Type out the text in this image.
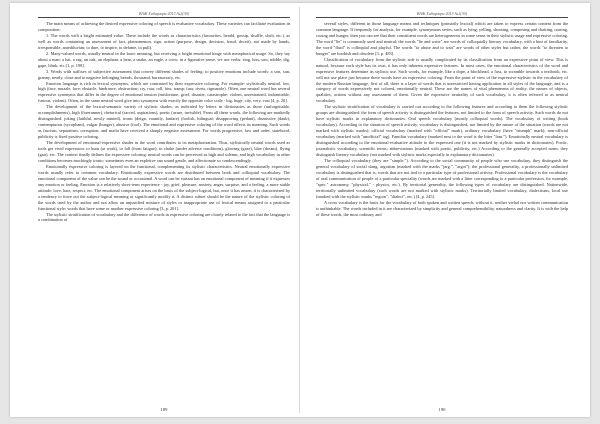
ВАЖ Хабарлари 2013 №2(30)

The main means of achieving the desired expressive coloring of speech is evaluative vocabulary. These varieties can facilitate evaluation in composition:

1. The words with a bright estimated value. These include the words as characteristics (favourites, herald, gossip, shuffle, sloth, etc.), as well as words containing an assessment of fact, phenomenon, sign, action (purpose, design, decision, fraud, deceit), not made by hands, irresponsible, antediluvian; to dare, to inspire, to defame, to pull).

2. Many-valued words, usually neutral in the basic meaning, but receiving a bright emotional hinge with metaphorical usage. So, they say about a man: a hat, a rag, an oak, an elephant, a bear, a snake, an eagle, a crow; in a figurative sense, we use verbs: sing, hiss, saw, nibble, dig, gape, blink, etc.[1, p. 198].

3. Words with suffixes of subjective assessment that convey different shades of feeling: to positive emotions include words: a son, sun, granny, neatly, close and to negative belonging beards, thousand, bureaucracy, etc.

Emotion language is rich in lexical synonyms, which are contrasted by their expressive coloring. For example: stylistically neutral, low, high (face, muzzle, face; obstacle, hindrance, obstruction; cry, roar, roll, hiss; tramp; fuss; rivets, rigmarole). Often, one neutral word has several expressive synonyms that differ in the degree of emotional tension (misfortune, grief, disaster, catastrophe; violent, unrestrained, indomitable, furious, violent). Often, in the same neutral word give into synonyms with exactly the opposite color scale - big, huge, city, very, vast [4, p. 20].

The development of the lexical-semantic variety of stylistic shades, as indicated by letters in dictionaries as those (unforgettable, accomplishments), high (forerunner), rhetorical (sacred, aspirations), poetic (azure, invisible). From all these words, the following are markedly distinguished: joking (faithful, newly minted), ironic (deign, vauntily, fanfare) (foolish, bilingual; disapproving (pedant), dismissive (daub), contemptuous (sycophant), vulgar (hunger), abusive (fool). The emotional and expressive coloring of the word affects its meaning. Such words as fascism, separatism, corruption, and mafia have received a sharply negative assessment. For words progressive, law and order, statehood, publicity is fixed positive coloring.

The development of emotional-expressive shades in the word contributes to its metaphorization. Thus, stylistically neutral words used as tools get vivid expression: to burn (at work), to fall (from fatigue), to choke (under adverse conditions), glowing (gaze), blue (dream), flying (gait), etc. The context finally defines the expressive coloring: neutral words can be perceived as high and solemn, and high vocabulary in other conditions becomes mockingly ironic; sometimes even an expletive can sound gentle, and affectionate so condescendingly.

Emotionally expressive coloring is layered on the functional, complementing its stylistic characteristics. Neutral emotionally expressive words usually refer to common vocabulary. Emotionally expressive words are distributed between book and colloquial vocabulary. The emotional component of the value can be the sound or occasional. A word can be variant has an emotional component of meaning if it expresses any emotion or feeling. Emotion is a relatively short-term experience - joy, grief, pleasure, anxiety, anger, surprise, and a feeling, a more stable attitude: love, hate, respect, etc. The emotional component arises on the basis of the subject-logical, but, once it has arisen, it is characterized by a tendency to force out the subject-logical meaning or significantly modify it. A distinct subset should be the nature of the stylistic coloring of the words used by the author and not allow an unjustified mixture of styles or inappropriate use of lexical means assigned to a particular functional style; words that have some or another expressive coloring [3, p. 201].

The stylistic stratification of vocabulary and the difference of words in expressive coloring are closely related to the fact that the language is a combination of

189
ВАЖ Хабарлари 2013 №2(30)

several styles, different in those language means and techniques (primarily lexical) which are taken to express certain content from the common language. If frequently for analysis, for example, synonymous series, such as lying, yelling, shouting, composing and chatting, roaring, cooing and hunger, then you can see that their constituent words are heterogeneous in some sense in their stylistic usage and expressive coloring. The word "lie" is commonly used and neutral; the words "lie and write" are words of colloquially literary vocabulary, with a hint of familiarity, the word "fluid" is colloquial and playful. The words "to abuse and to wait" are words of other styles but rather, the words "to threaten to hunger" are bookish and obsolete [3, p. 483].

Classification of vocabulary from the stylistic side is usually complicated by its classification from an expressive point of view. This is natural, because each style has its own, it has only inherent expressive features. In most cases, the emotional characteristics of the word and expressive features determine its stylistic use. Such words, for example, like a dope, a blockhead, a fuss, to scramble towards a textbook, etc. will not use place just because these words have an expressive coloring. From the point of view of the expressive-stylistic in the vocabulary of the modern Russian language, first of all, there is a layer of words that is unrestricted having application in all styles of the language, and is a category of words expressively not colored, emotionally neutral. These are the names of vital phenomena of reality, the names of objects, qualities, actions without any assessment of them. Given the expressive neutrality of such vocabulary, it is often referred to as neutral vocabulary.

The stylistic stratification of vocabulary is carried out according to the following features and according to them the following stylistic groups are distinguished: the form of speech activity is distinguished the features, not limited to the form of speech activity. Such words do not have stylistic marks in explanatory dictionaries. Oral speech vocabulary (mostly colloquial words). The vocabulary of writing (book vocabulary). According to the situation of speech activity, vocabulary is distinguished, not limited by the nature of the situation (words are not marked with stylistic marks); official vocabulary (marked with "official" mark), ordinary vocabulary (have "triumph" mark); non-official vocabulary (marked with "unofficial" tag). Familiar vocabulary (marked next to the word is the litter "fam."). Emotionally neutral vocabulary is distinguished according to the emotional-evaluative attitude to the expressed one (it is not marked by stylistic marks in dictionaries). Poetic, journalistic vocabulary, scientific terms; abbreviations (marked with poetic, publicity, etc.) According to the generally accepted norm, they distinguish literary vocabulary (not marked with stylistic marks especially in explanatory dictionaries).

The colloquial vocabulary (they are "simple."). According to the social community of people who use vocabulary, they distinguish the general vocabulary of social slang, argotism (marked with the marks "jarg.", "argot"); the professional generality, a professionally unlimited vocabulary is distinguished that is, words that are not tied to a particular type of professional activity. Professional vocabulary is the vocabulary of oral communication of people of a particular speciality (words are marked with a litter corresponding to a particular profession, for example, "spec." astronomy, "physical." - physics, etc.). By territorial generality, the following types of vocabulary are distinguished. Nationwide, territorially unlimited vocabulary (such words are not marked with stylistic marks). Territorially limited vocabulary, dialectisms, local use (marked with the stylistic marks "region", "dialect", etc.) [4, p. 245].

A cross vocabulary is the basis for the vocabulary of both spoken and written speech; without it, neither verbal nor written communication is unthinkable. The words included in it are characterized by simplicity and general comprehensibility, naturalness and clarity. It is with the help of these words, the most ordinary and

190
